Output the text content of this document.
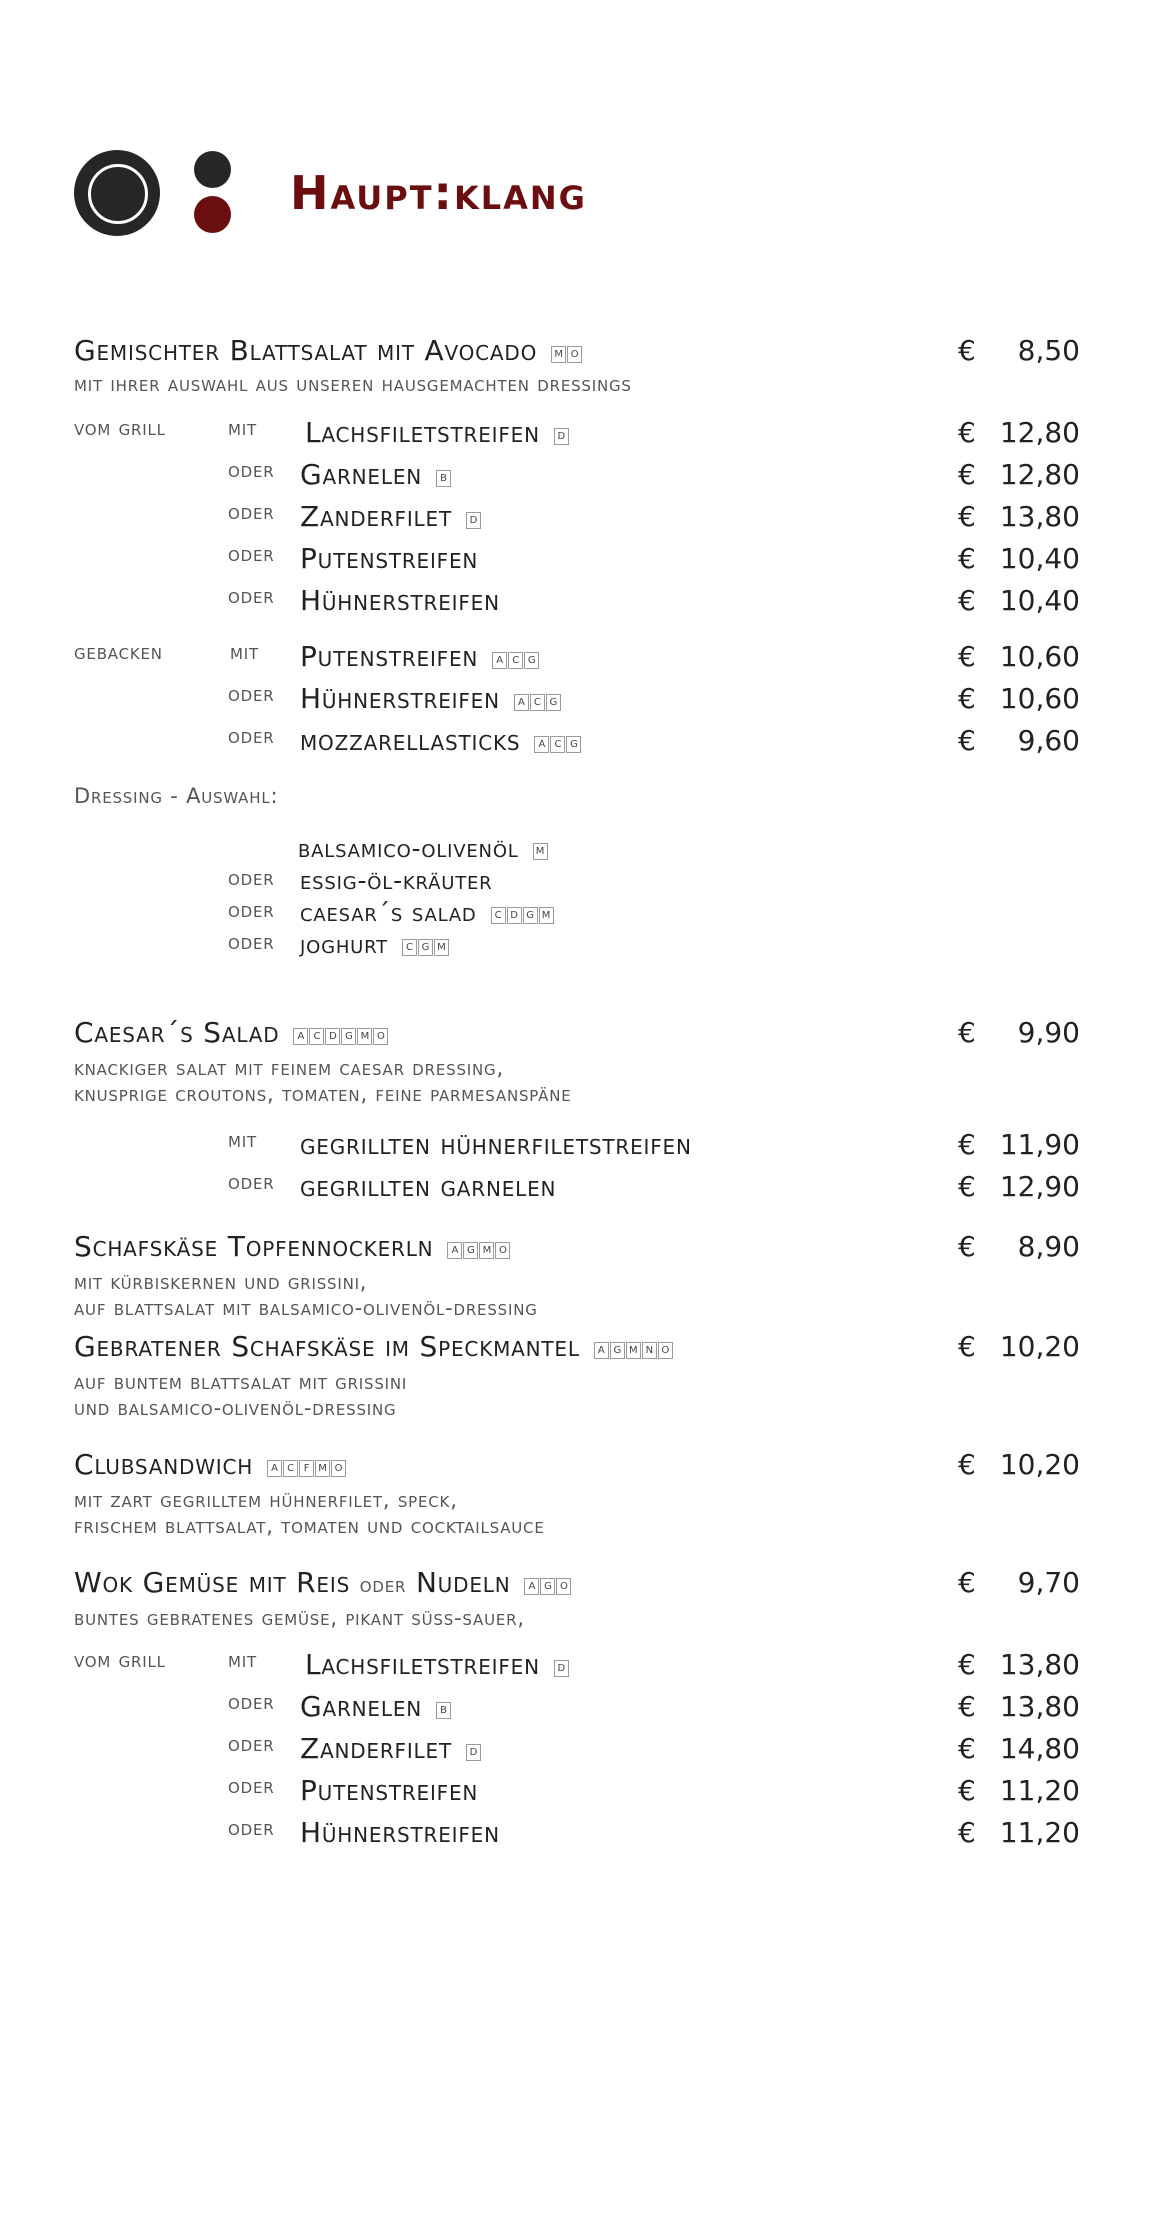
Haupt:klang
Gemischter Blattsalat mit Avocado	M O	€ 8,50
mit ihrer auswahl aus unseren hausgemachten dressings
vom grill	mit Lachsfiletstreifen	D	€ 12,80
oder Garnelen	B	€ 12,80
oder Zanderfilet	D	€ 13,80
oder Putenstreifen	€ 10,40
oder Hühnerstreifen	€ 10,40
gebacken	mit Putenstreifen	A C G	€ 10,60
oder Hühnerstreifen	A C G	€ 10,60
oder mozzarellasticks	A C G	€ 9,60
Dressing - Auswahl:
balsamico-olivenöl	M
oder essig-öl-kräuter
oder caesar´s salad	C D G M
oder joghurt	C G M
Caesar´s Salad	A C D G M O	€ 9,90
knackiger salat mit feinem caesar dressing,
knusprige croutons, tomaten, feine parmesanspäne
mit gegrillten hühnerfiletstreifen	€ 11,90
oder gegrillten garnelen	€ 12,90
Schafskäse Topfennockerln	A G M O	€ 8,90
mit kürbiskernen und grissini,
auf blattsalat mit balsamico-olivenöl-dressing
Gebratener Schafskäse im Speckmantel	A G M N O	€ 10,20
auf buntem blattsalat mit grissini
und balsamico-olivenöl-dressing
Clubsandwich	A C F M O	€ 10,20
mit zart gegrilltem hühnerfilet, speck,
frischem blattsalat, tomaten und cocktailsauce
Wok Gemüse mit Reis oder Nudeln	A G O	€ 9,70
buntes gebratenes gemüse, pikant süss-sauer,
vom grill	mit Lachsfiletstreifen	D	€ 13,80
oder Garnelen	B	€ 13,80
oder Zanderfilet	D	€ 14,80
oder Putenstreifen	€ 11,20
oder Hühnerstreifen	€ 11,20
